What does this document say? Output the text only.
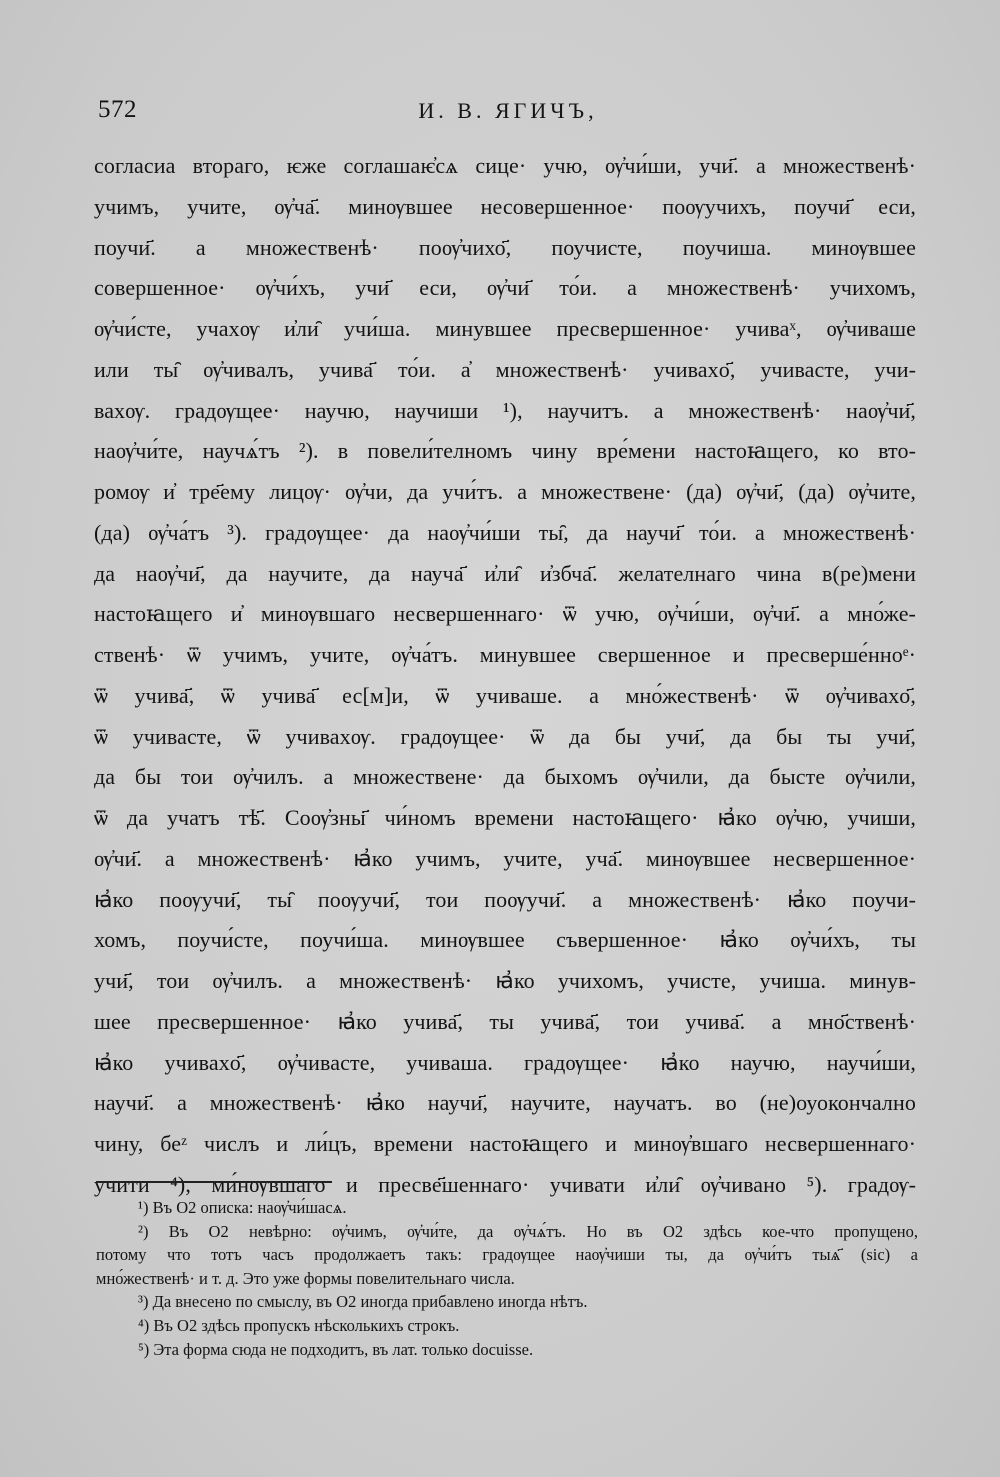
572	И. В. ЯГИЧЪ,
согласиа втораго, ѥже соглашаѥ҆сѧ сице· учю, ѹ҆чи́ши, учи҃. а множественѣ·
учимъ, учите, ѹ҆ча҃. минѹвшее несовершенное· поѹучихъ, поучи҃ еси,
поучи҃. а множественѣ· поѹ҆чихо҃, поучисте, поучиша. минѹвшее
совершенное· ѹ҆чи́хъ, учи҃ еси, ѹ҆чи҃ то́и. а множественѣ· учихомъ,
ѹ҆чи́сте, учахѹ и҆ли̑ учи́ша. минувшее пресвершенное· учиваˣ, ѹ҆чиваше
или ты̑ ѹ҆чивалъ, учива҃ то́и. а҆ множественѣ· учиваxо҃, учивасте, учи-
вахѹ. градѹщее· научю, научиши ¹), научитъ. а множественѣ· наѹ҆чи҃,
наѹ҆чи́те, научѧ́тъ ²). в повели́телномъ чину вре́мени настоꙗщего, ко вто-
ромѹ и҆ тре҃ему лицѹ· ѹ҆чи, да учи́тъ. а множествене· (да) ѹ҆чи҃, (да) ѹ҆чите,
(да) ѹ҆ча́тъ ³). градѹщее· да наѹ҆чи́ши ты̑, да научи҃ то́и. а множественѣ·
да наѹ҆чи҃, да научите, да науча҃ и҆ли̑ и҆збча҃. желателнаго чина в(ре)мени
настоꙗщего и҆ минѹвшаго несвершеннаго· ѿ учю, ѹ҆чи́ши, ѹ҆чи҃. а мно́же-
ственѣ· ѿ учимъ, учите, ѹ҆ча́тъ. минувшее свершенное и пресверше́нноᵉ·
ѿ учива҃, ѿ учива҃ ес[м]и, ѿ учиваше. а мно́жественѣ· ѿ ѹ҆чиваxо҃,
ѿ учивасте, ѿ учивахѹ. градѹщее· ѿ да бы учи҃, да бы ты учи҃,
да бы тои ѹ҆чилъ. а множествене· да быxомъ ѹ҆чили, да бысте ѹ҆чили,
ѿ да учатъ тѣ҃. Соѹ҆зны҃ чи́номъ времени настоꙗщего· ꙗ҆ко ѹ҆чю, учиши,
ѹ҆чи҃. а множественѣ· ꙗ҆ко учимъ, учите, уча҃. минѹвшее несвершенное·
ꙗ҆ко поѹучи҃, ты̑ поѹучи҃, тои поѹучи҃. а множественѣ· ꙗ҆ко поучи-
хомъ, поучи́сте, поучи́ша. минѹвшее съвершенное· ꙗ҆ко ѹ҆чи́хъ, ты
учи҃, тои ѹ҆чилъ. а множественѣ· ꙗ҆ко учихомъ, учисте, учиша. минув-
шее пресвершенное· ꙗ҆ко учива҃, ты учива҃, тои учива҃. а мно҃ственѣ·
ꙗ҆ко учиваxо҃, ѹ҆чивасте, учиваша. градѹщее· ꙗ҆ко научю, научи́ши,
научи҃. а множественѣ· ꙗ҆ко научи҃, научите, научатъ. во (не)оуокончално
чину, беᶻ числъ и ли́цъ, времени настоꙗщего и минѹ҆вшаго несвершеннаго·
учити ⁴), ми́нѹвшаго и пресве҃шеннаго· учивати и҆ли̑ ѹ҆чивано ⁵). градѹ-
¹) Въ О2 описка: наѹ҆чи́шасѧ.
²) Въ О2 невѣрно: ѹ҆чимъ, ѹ҆чи́те, да ѹ҆чѧ́тъ. Но въ О2 здѣсь кое-что пропущено,
потому что тотъ часъ продолжаетъ такъ: градѹщее наѹ҆чиши ты, да ѹ҆чи́тъ тыѧ҃ (sic) а
мно́жественѣ· и т. д. Это уже формы повелительнаго числа.
³) Да внесено по смыслу, въ О2 иногда прибавлено иногда нѣтъ.
⁴) Въ О2 здѣсь пропускъ нѣсколькихъ строкъ.
⁵) Эта форма сюда не подходитъ, въ лат. только docuisse.
